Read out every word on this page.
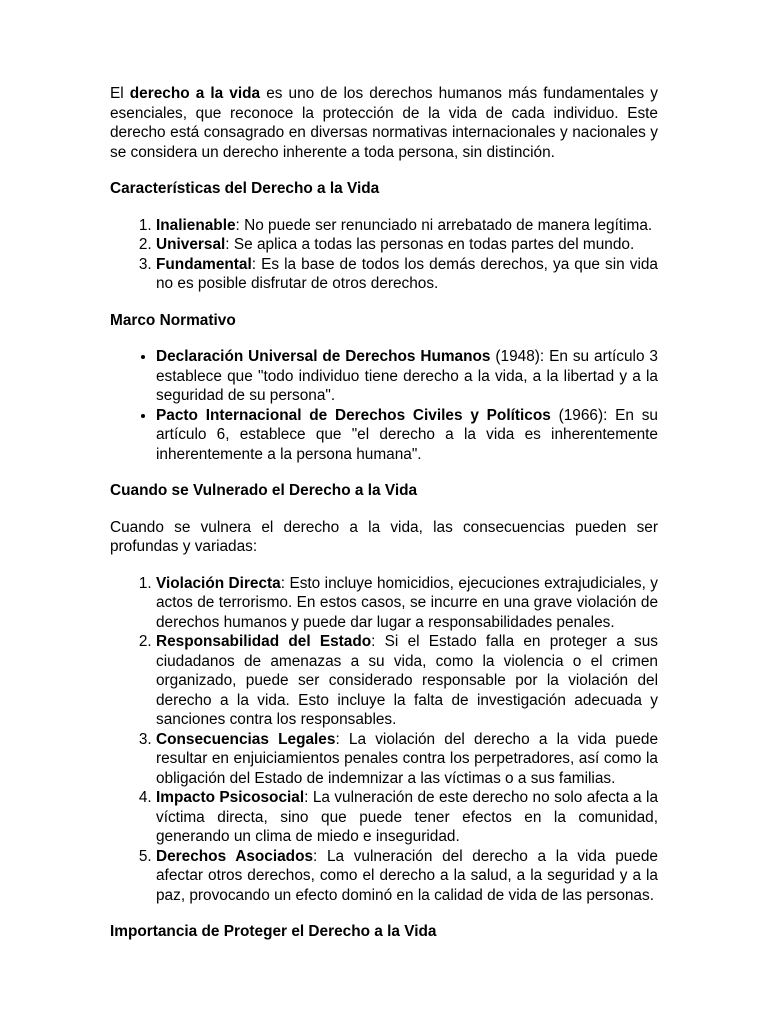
El derecho a la vida es uno de los derechos humanos más fundamentales y esenciales, que reconoce la protección de la vida de cada individuo. Este derecho está consagrado en diversas normativas internacionales y nacionales y se considera un derecho inherente a toda persona, sin distinción.

Características del Derecho a la Vida
1. Inalienable: No puede ser renunciado ni arrebatado de manera legítima.
2. Universal: Se aplica a todas las personas en todas partes del mundo.
3. Fundamental: Es la base de todos los demás derechos, ya que sin vida no es posible disfrutar de otros derechos.
Marco Normativo
• Declaración Universal de Derechos Humanos (1948): En su artículo 3 establece que "todo individuo tiene derecho a la vida, a la libertad y a la seguridad de su persona".
• Pacto Internacional de Derechos Civiles y Políticos (1966): En su artículo 6, establece que "el derecho a la vida es inherentemente inherentemente a la persona humana".
Cuando se Vulnerado el Derecho a la Vida

Cuando se vulnera el derecho a la vida, las consecuencias pueden ser profundas y variadas:

1. Violación Directa: Esto incluye homicidios, ejecuciones extrajudiciales, y actos de terrorismo. En estos casos, se incurre en una grave violación de derechos humanos y puede dar lugar a responsabilidades penales.
2. Responsabilidad del Estado: Si el Estado falla en proteger a sus ciudadanos de amenazas a su vida, como la violencia o el crimen organizado, puede ser considerado responsable por la violación del derecho a la vida. Esto incluye la falta de investigación adecuada y sanciones contra los responsables.
3. Consecuencias Legales: La violación del derecho a la vida puede resultar en enjuiciamientos penales contra los perpetradores, así como la obligación del Estado de indemnizar a las víctimas o a sus familias.
4. Impacto Psicosocial: La vulneración de este derecho no solo afecta a la víctima directa, sino que puede tener efectos en la comunidad, generando un clima de miedo e inseguridad.
5. Derechos Asociados: La vulneración del derecho a la vida puede afectar otros derechos, como el derecho a la salud, a la seguridad y a la paz, provocando un efecto dominó en la calidad de vida de las personas.
Importancia de Proteger el Derecho a la Vida
